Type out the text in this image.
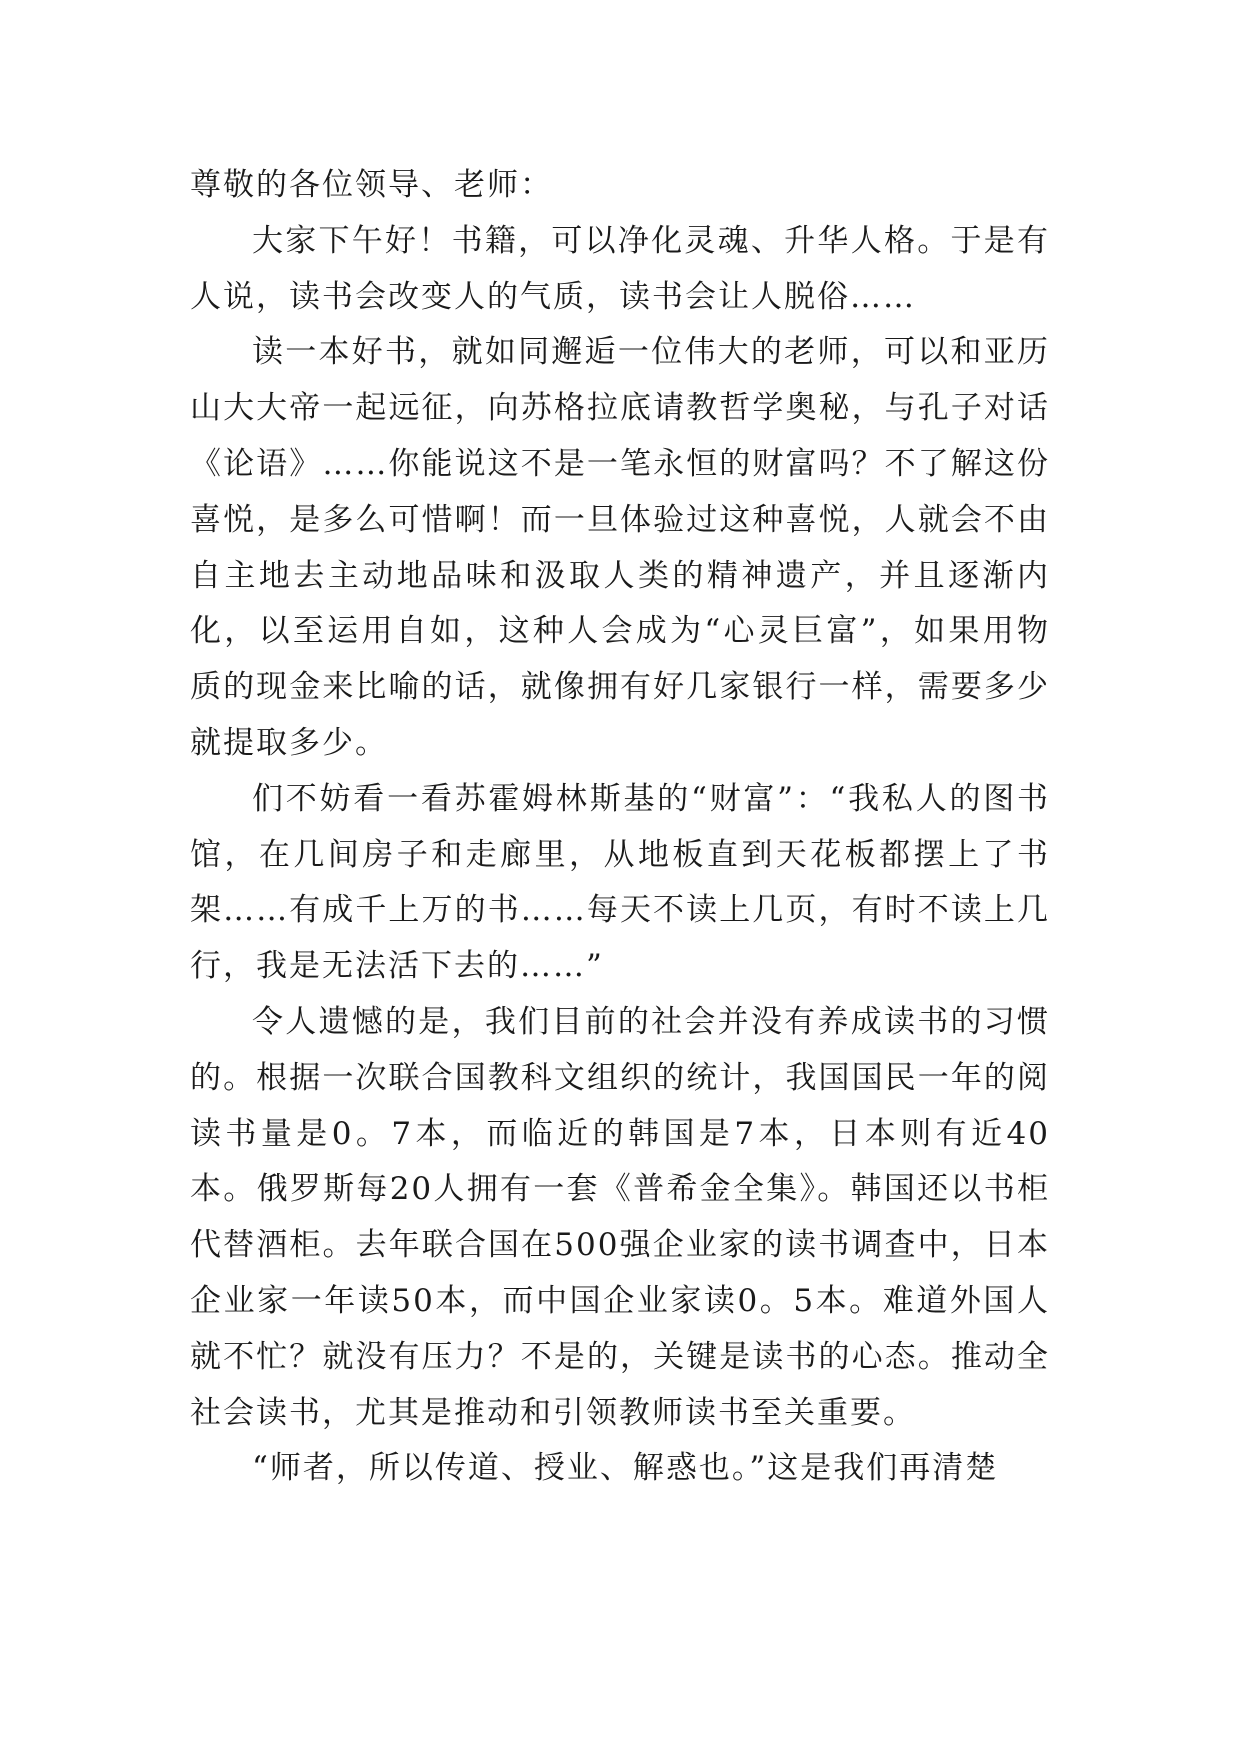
尊敬的各位领导、老师：

大家下午好！书籍，可以净化灵魂、升华人格。于是有人说，读书会改变人的气质，读书会让人脱俗……

读一本好书，就如同邂逅一位伟大的老师，可以和亚历山大大帝一起远征，向苏格拉底请教哲学奥秘，与孔子对话《论语》……你能说这不是一笔永恒的财富吗？不了解这份喜悦，是多么可惜啊！而一旦体验过这种喜悦，人就会不由自主地去主动地品味和汲取人类的精神遗产，并且逐渐内化，以至运用自如，这种人会成为“心灵巨富”，如果用物质的现金来比喻的话，就像拥有好几家银行一样，需要多少就提取多少。

们不妨看一看苏霍姆林斯基的“财富”：“我私人的图书馆，在几间房子和走廊里，从地板直到天花板都摆上了书架……有成千上万的书……每天不读上几页，有时不读上几行，我是无法活下去的……”

令人遗憾的是，我们目前的社会并没有养成读书的习惯的。根据一次联合国教科文组织的统计，我国国民一年的阅读书量是0。7本，而临近的韩国是7本，日本则有近40本。俄罗斯每20人拥有一套《普希金全集》。韩国还以书柜代替酒柜。去年联合国在500强企业家的读书调查中，日本企业家一年读50本，而中国企业家读0。5本。难道外国人就不忙？就没有压力？不是的，关键是读书的心态。推动全社会读书，尤其是推动和引领教师读书至关重要。

“师者，所以传道、授业、解惑也。”这是我们再清楚
